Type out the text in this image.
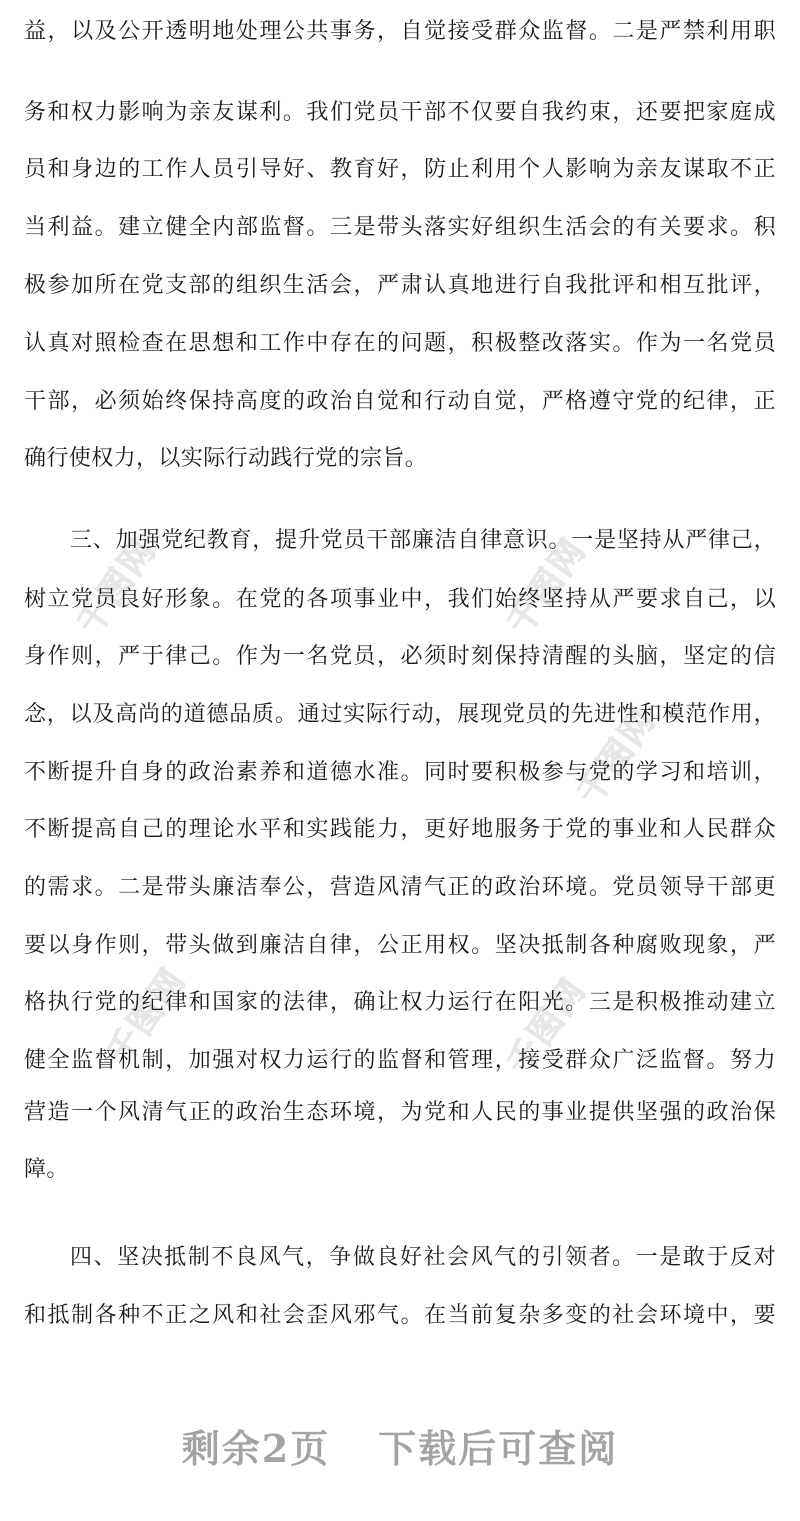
千图网	千图网
千图网	千图网
千图网
益，以及公开透明地处理公共事务，自觉接受群众监督。二是严禁利用职
务和权力影响为亲友谋利。我们党员干部不仅要自我约束，还要把家庭成
员和身边的工作人员引导好、教育好，防止利用个人影响为亲友谋取不正
当利益。建立健全内部监督。三是带头落实好组织生活会的有关要求。积
极参加所在党支部的组织生活会，严肃认真地进行自我批评和相互批评，
认真对照检查在思想和工作中存在的问题，积极整改落实。作为一名党员
干部，必须始终保持高度的政治自觉和行动自觉，严格遵守党的纪律，正
确行使权力，以实际行动践行党的宗旨。
三、加强党纪教育，提升党员干部廉洁自律意识。一是坚持从严律己，
树立党员良好形象。在党的各项事业中，我们始终坚持从严要求自己，以
身作则，严于律己。作为一名党员，必须时刻保持清醒的头脑，坚定的信
念，以及高尚的道德品质。通过实际行动，展现党员的先进性和模范作用，
不断提升自身的政治素养和道德水准。同时要积极参与党的学习和培训，
不断提高自己的理论水平和实践能力，更好地服务于党的事业和人民群众
的需求。二是带头廉洁奉公，营造风清气正的政治环境。党员领导干部更
要以身作则，带头做到廉洁自律，公正用权。坚决抵制各种腐败现象，严
格执行党的纪律和国家的法律，确让权力运行在阳光。三是积极推动建立
健全监督机制，加强对权力运行的监督和管理，接受群众广泛监督。努力
营造一个风清气正的政治生态环境，为党和人民的事业提供坚强的政治保
障。
四、坚决抵制不良风气，争做良好社会风气的引领者。一是敢于反对
和抵制各种不正之风和社会歪风邪气。在当前复杂多变的社会环境中，要
剩余2页 下载后可查阅
